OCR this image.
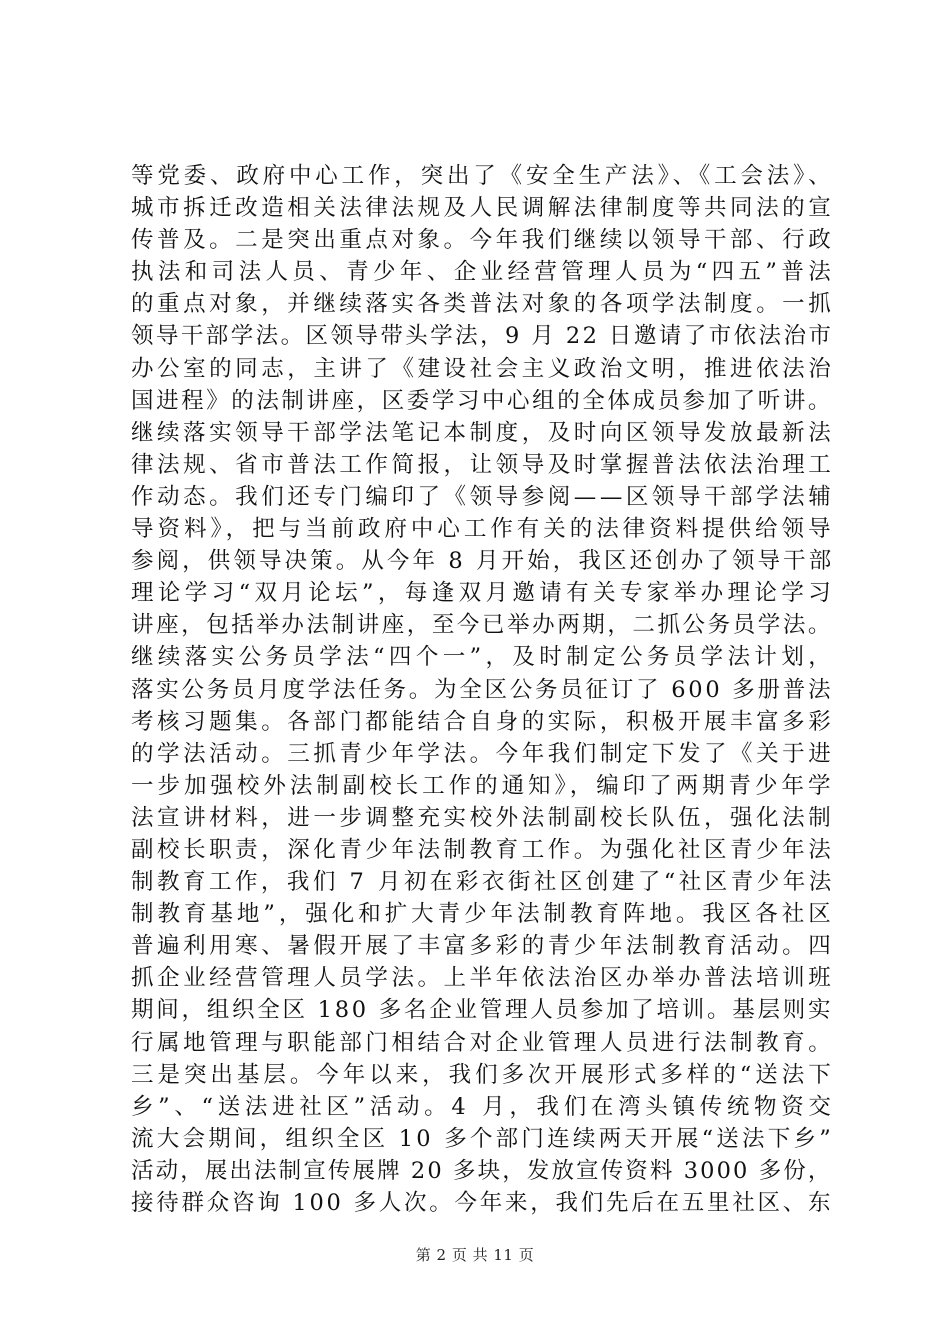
等党委、政府中心工作，突出了《安全生产法》、《工会法》、
城市拆迁改造相关法律法规及人民调解法律制度等共同法的宣
传普及。二是突出重点对象。今年我们继续以领导干部、行政
执法和司法人员、青少年、企业经营管理人员为“四五”普法
的重点对象，并继续落实各类普法对象的各项学法制度。一抓
领导干部学法。区领导带头学法，9 月 22 日邀请了市依法治市
办公室的同志，主讲了《建设社会主义政治文明，推进依法治
国进程》的法制讲座，区委学习中心组的全体成员参加了听讲。
继续落实领导干部学法笔记本制度，及时向区领导发放最新法
律法规、省市普法工作简报，让领导及时掌握普法依法治理工
作动态。我们还专门编印了《领导参阅——区领导干部学法辅
导资料》，把与当前政府中心工作有关的法律资料提供给领导
参阅，供领导决策。从今年 8 月开始，我区还创办了领导干部
理论学习“双月论坛”，每逢双月邀请有关专家举办理论学习
讲座，包括举办法制讲座，至今已举办两期，二抓公务员学法。
继续落实公务员学法“四个一”，及时制定公务员学法计划，
落实公务员月度学法任务。为全区公务员征订了 600 多册普法
考核习题集。各部门都能结合自身的实际，积极开展丰富多彩
的学法活动。三抓青少年学法。今年我们制定下发了《关于进
一步加强校外法制副校长工作的通知》，编印了两期青少年学
法宣讲材料，进一步调整充实校外法制副校长队伍，强化法制
副校长职责，深化青少年法制教育工作。为强化社区青少年法
制教育工作，我们 7 月初在彩衣街社区创建了“社区青少年法
制教育基地”，强化和扩大青少年法制教育阵地。我区各社区
普遍利用寒、暑假开展了丰富多彩的青少年法制教育活动。四
抓企业经营管理人员学法。上半年依法治区办举办普法培训班
期间，组织全区 180 多名企业管理人员参加了培训。基层则实
行属地管理与职能部门相结合对企业管理人员进行法制教育。
三是突出基层。今年以来，我们多次开展形式多样的“送法下
乡”、“送法进社区”活动。4 月，我们在湾头镇传统物资交
流大会期间，组织全区 10 多个部门连续两天开展“送法下乡”
活动，展出法制宣传展牌 20 多块，发放宣传资料 3000 多份，
接待群众咨询 100 多人次。今年来，我们先后在五里社区、东
第 2 页 共 11 页
